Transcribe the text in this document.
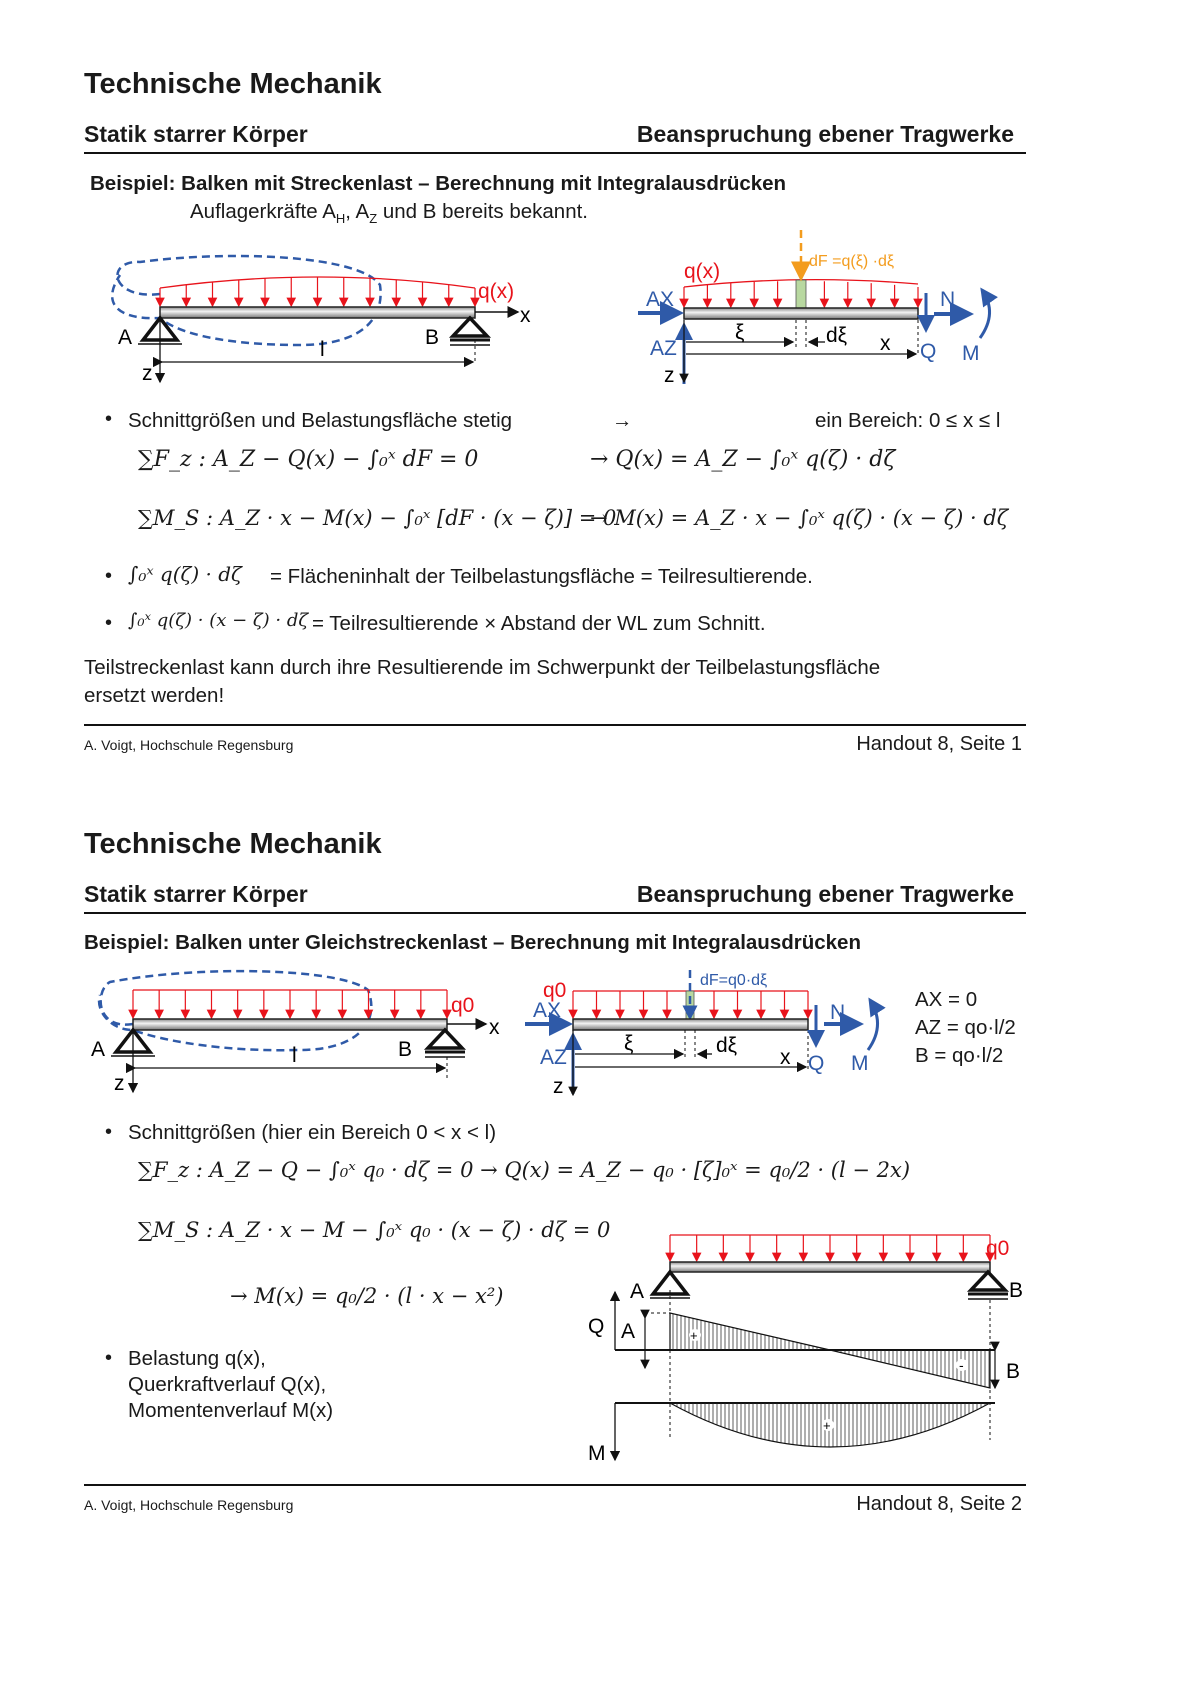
Technische Mechanik
Statik starrer Körper	Beanspruchung ebener Tragwerke
Beispiel: Balken mit Streckenlast – Berechnung mit Integralausdrücken
Auflagerkräfte $A_H$, $A_Z$ und B bereits bekannt.
q(x)
A	B
l
x
z
q(x)	dF =q(ξ) ·dξ
AX
AZ
ξ	dξ x
z
Q
N
M
q0
A	B
l
x
z
q0	dF=q0·dξ
AX
AZ
ξ	dξ
x
z
Q
N
M
+
-
+
q0
A	B
Q A
B
M
• Schnittgrößen und Belastungsfläche stetig	→	ein Bereich: 0 ≤ x ≤ l
∑F_z : A_Z − Q(x) − ∫₀ˣ dF = 0	→ Q(x) = A_Z − ∫₀ˣ q(ζ) · dζ
∑M_S : A_Z · x − M(x) − ∫₀ˣ [dF · (x − ζ)] = 0
→ M(x) = A_Z · x − ∫₀ˣ q(ζ) · (x − ζ) · dζ
• ∫₀ˣ q(ζ) · dζ = Flächeninhalt der Teilbelastungsfläche = Teilresultierende.
• ∫₀ˣ q(ζ) · (x − ζ) · dζ = Teilresultierende × Abstand der WL zum Schnitt.
Teilstreckenlast kann durch ihre Resultierende im Schwerpunkt der Teilbelastungsfläche
ersetzt werden!
A. Voigt, Hochschule Regensburg	Handout 8, Seite 1
Technische Mechanik
Statik starrer Körper	Beanspruchung ebener Tragwerke
Beispiel: Balken unter Gleichstreckenlast – Berechnung mit Integralausdrücken
AX = 0
AZ = qo·l/2
B = qo·l/2
• Schnittgrößen (hier ein Bereich 0 < x < l)
∑F_z : A_Z − Q − ∫₀ˣ q₀ · dζ = 0 → Q(x) = A_Z − q₀ · [ζ]₀ˣ = q₀/2 · (l − 2x)
∑M_S : A_Z · x − M − ∫₀ˣ q₀ · (x − ζ) · dζ = 0
→ M(x) = q₀/2 · (l · x − x²)
• Belastung q(x),
Querkraftverlauf Q(x),
Momentenverlauf M(x)
A. Voigt, Hochschule Regensburg	Handout 8, Seite 2
